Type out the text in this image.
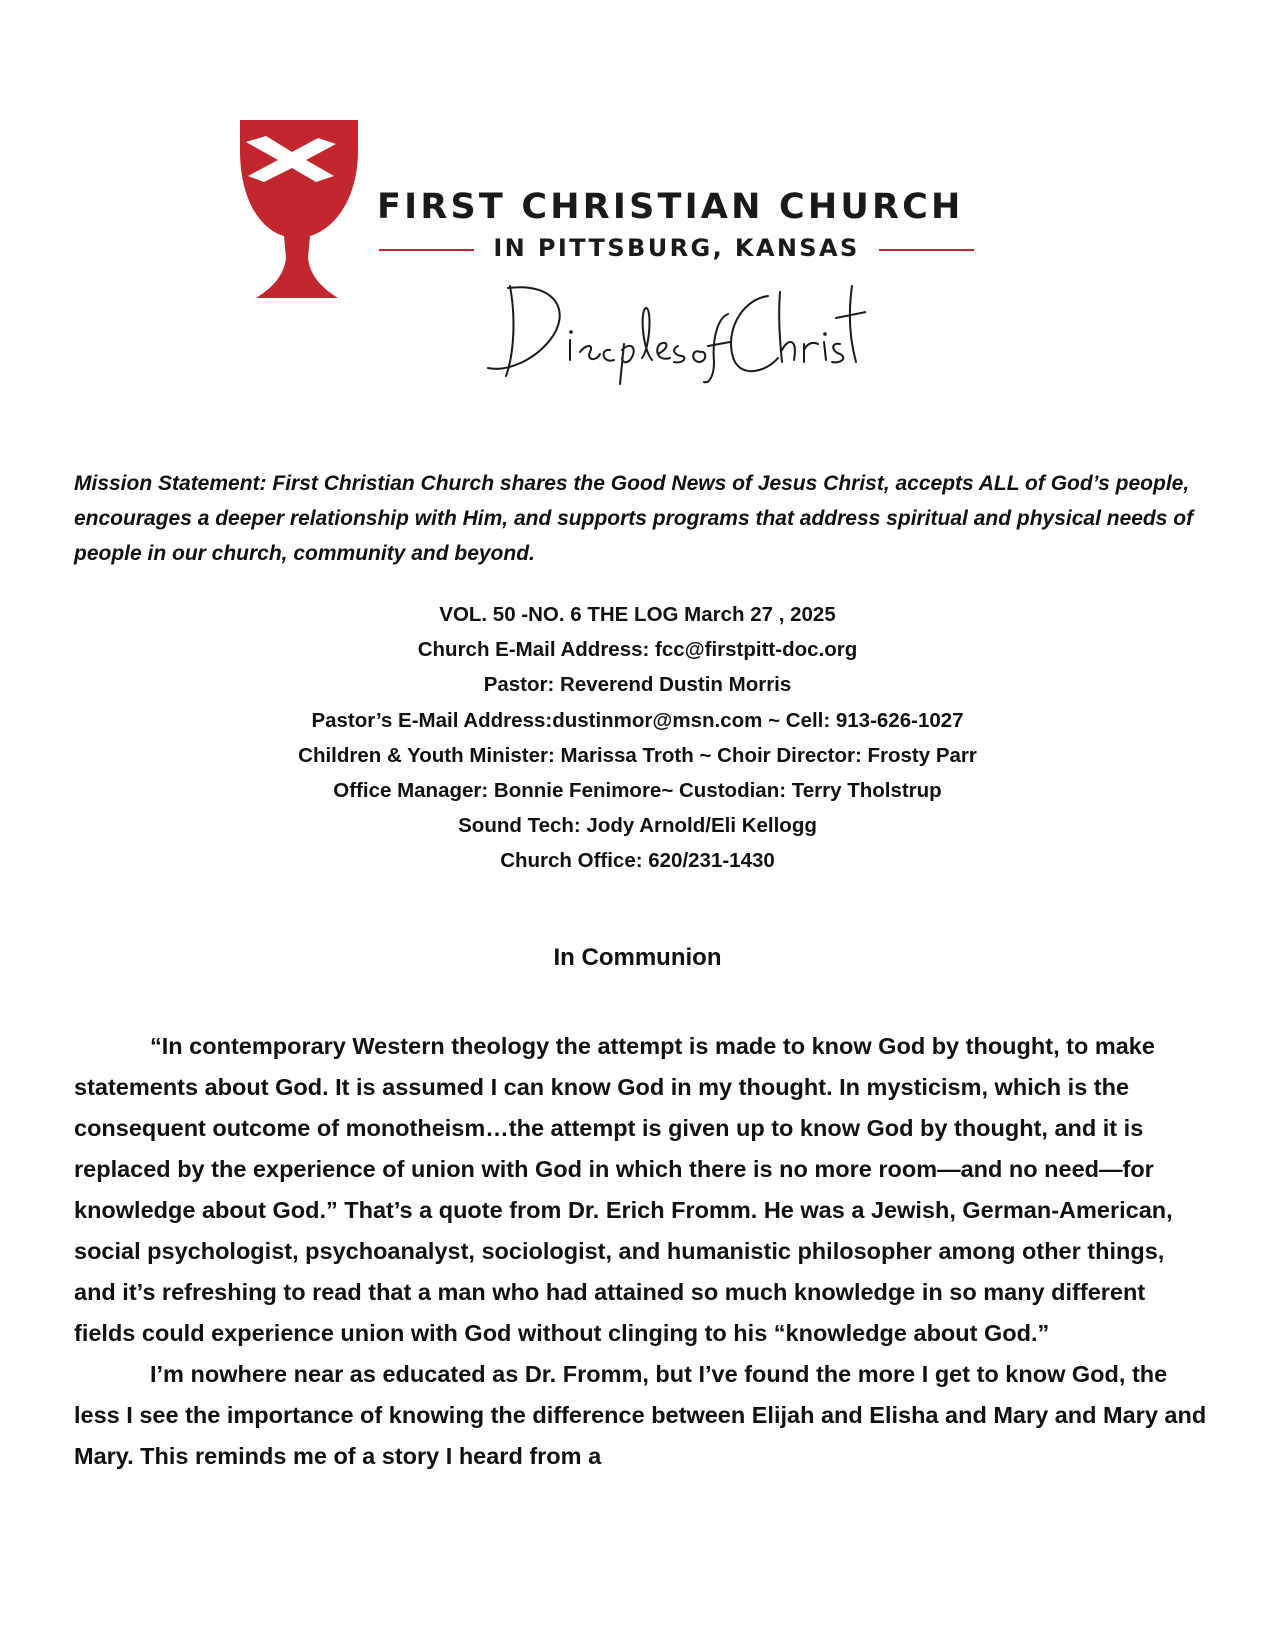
FIRST CHRISTIAN CHURCH
IN PITTSBURG, KANSAS
Disciples of Christ

Mission Statement: First Christian Church shares the Good News of Jesus Christ, accepts ALL of God’s people, encourages a deeper relationship with Him, and supports programs that address spiritual and physical needs of people in our church, community and beyond.

VOL. 50 -NO. 6 THE LOG March 27 , 2025
Church E-Mail Address: fcc@firstpitt-doc.org
Pastor: Reverend Dustin Morris
Pastor’s E-Mail Address:dustinmor@msn.com ~ Cell: 913-626-1027
Children & Youth Minister: Marissa Troth ~ Choir Director: Frosty Parr
Office Manager: Bonnie Fenimore~ Custodian: Terry Tholstrup
Sound Tech: Jody Arnold/Eli Kellogg
Church Office: 620/231-1430
In Communion

“In contemporary Western theology the attempt is made to know God by thought, to make statements about God. It is assumed I can know God in my thought. In mysticism, which is the consequent outcome of monotheism…the attempt is given up to know God by thought, and it is replaced by the experience of union with God in which there is no more room—and no need—for knowledge about God.” That’s a quote from Dr. Erich Fromm. He was a Jewish, German-American, social psychologist, psychoanalyst, sociologist, and humanistic philosopher among other things, and it’s refreshing to read that a man who had attained so much knowledge in so many different fields could experience union with God without clinging to his “knowledge about God.”

I’m nowhere near as educated as Dr. Fromm, but I’ve found the more I get to know God, the less I see the importance of knowing the difference between Elijah and Elisha and Mary and Mary and Mary. This reminds me of a story I heard from a
